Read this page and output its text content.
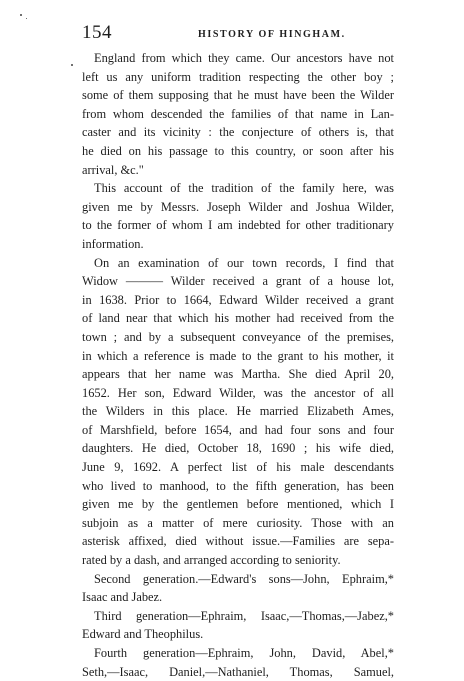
154	HISTORY OF HINGHAM.
England from which they came. Our ancestors have not
left us any uniform tradition respecting the other boy ;
some of them supposing that he must have been the Wilder
from whom descended the families of that name in Lan-
caster and its vicinity : the conjecture of others is, that
he died on his passage to this country, or soon after his
arrival, &c."
This account of the tradition of the family here, was
given me by Messrs. Joseph Wilder and Joshua Wilder,
to the former of whom I am indebted for other traditionary
information.
On an examination of our town records, I find that
Widow ——— Wilder received a grant of a house lot,
in 1638. Prior to 1664, Edward Wilder received a grant
of land near that which his mother had received from the
town ; and by a subsequent conveyance of the premises,
in which a reference is made to the grant to his mother, it
appears that her name was Martha. She died April 20,
1652. Her son, Edward Wilder, was the ancestor of all
the Wilders in this place. He married Elizabeth Ames,
of Marshfield, before 1654, and had four sons and four
daughters. He died, October 18, 1690 ; his wife died,
June 9, 1692. A perfect list of his male descendants
who lived to manhood, to the fifth generation, has been
given me by the gentlemen before mentioned, which I
subjoin as a matter of mere curiosity. Those with an
asterisk affixed, died without issue.—Families are sepa-
rated by a dash, and arranged according to seniority.
Second generation.—Edward's sons—John, Ephraim,*
Isaac and Jabez.
Third generation—Ephraim, Isaac,—Thomas,—Jabez,*
Edward and Theophilus.
Fourth generation—Ephraim, John, David, Abel,*
Seth,—Isaac, Daniel,—Nathaniel, Thomas, Samuel,
